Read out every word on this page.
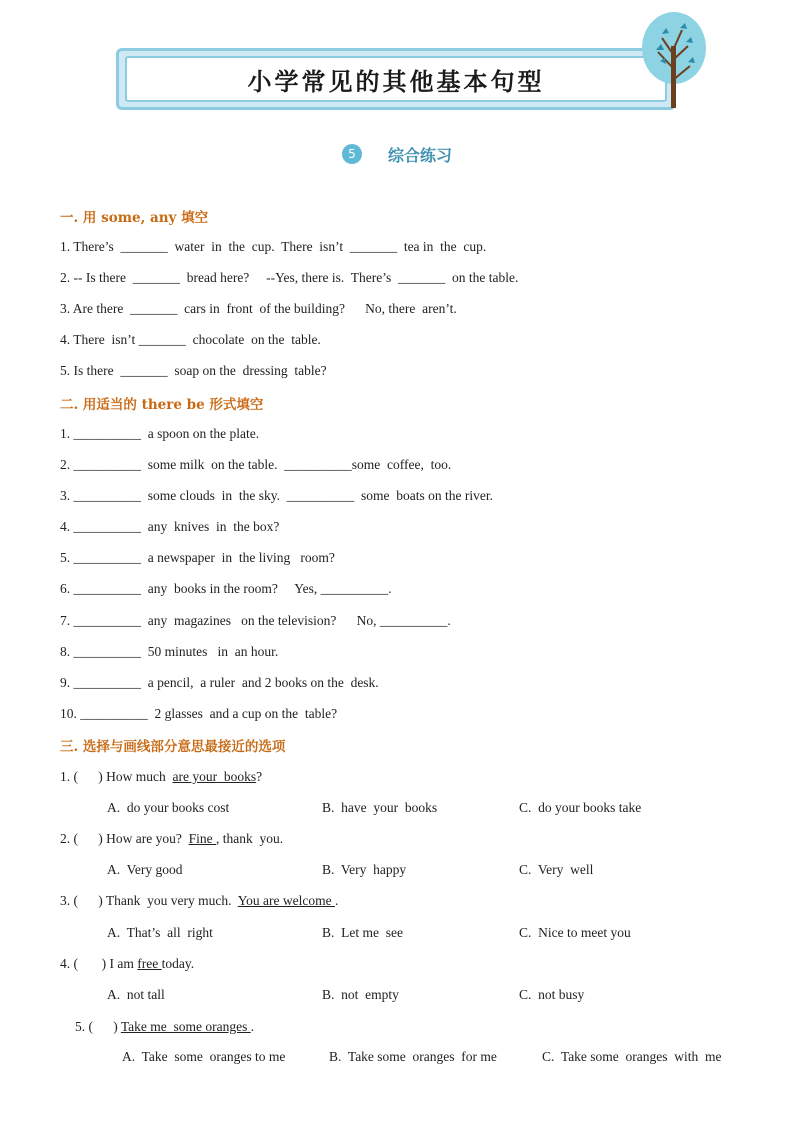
小学常见的其他基本句型
5	综合练习
一. 用 some, any 填空
1. There’s  _______  water  in  the  cup.  There  isn’t  _______  tea in  the  cup.
2. -- Is there  _______  bread here?     --Yes, there is.  There’s  _______  on the table.
3. Are there  _______  cars in  front  of the building?      No, there  aren’t.
4. There  isn’t _______  chocolate  on the  table.
5. Is there  _______  soap on the  dressing  table?
二. 用适当的 there be 形式填空
1. __________  a spoon on the plate.
2. __________  some milk  on the table.  __________some  coffee,  too.
3. __________  some clouds  in  the sky.  __________  some  boats on the river.
4. __________  any  knives  in  the box?
5. __________  a newspaper  in  the living   room?
6. __________  any  books in the room?     Yes, __________.
7. __________  any  magazines   on the television?      No, __________.
8. __________  50 minutes   in  an hour.
9. __________  a pencil,  a ruler  and 2 books on the  desk.
10. __________  2 glasses  and a cup on the  table?
三. 选择与画线部分意思最接近的选项
1. (      ) How much  are your  books?
A.  do your books cost	B.  have  your  books	C.  do your books take
2. (      ) How are you?  Fine , thank  you.
A.  Very good	B.  Very  happy	C.  Very  well
3. (      ) Thank  you very much.  You are welcome .
A.  That’s  all  right	B.  Let me  see	C.  Nice to meet you
4. (       ) I am free today.
A.  not tall	B.  not  empty	C.  not busy
5. (      ) Take me  some oranges .
A.  Take  some  oranges to me	B.  Take some  oranges  for me	C.  Take some  oranges  with  me
